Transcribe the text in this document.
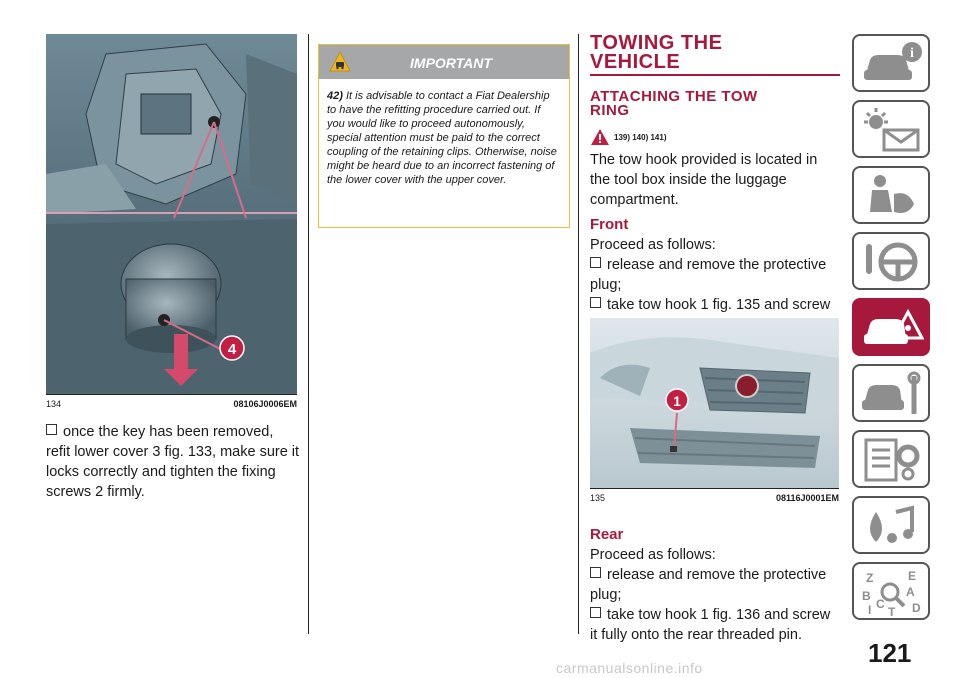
4
134	08106J0006EM
once the key has been removed, refit lower cover 3 fig. 133, make sure it locks correctly and tighten the fixing screws 2 firmly.
IMPORTANT
42) It is advisable to contact a Fiat Dealership to have the refitting procedure carried out. If you would like to proceed autonomously, special attention must be paid to the correct coupling of the retaining clips. Otherwise, noise might be heard due to an incorrect fastening of the lower cover with the upper cover.
TOWING THE
VEHICLE
ATTACHING THE TOW
RING
139) 140) 141)
The tow hook provided is located in the tool box inside the luggage compartment.
Front
Proceed as follows:
release and remove the protective plug;
take tow hook 1 fig. 135 and screw
1
135	08116J0001EM
Rear
Proceed as follows:
release and remove the protective plug;
take tow hook 1 fig. 136 and screw it fully onto the rear threaded pin.
i
Z	E
A
B
D
C
T
I
121
carmanualsonline.info
